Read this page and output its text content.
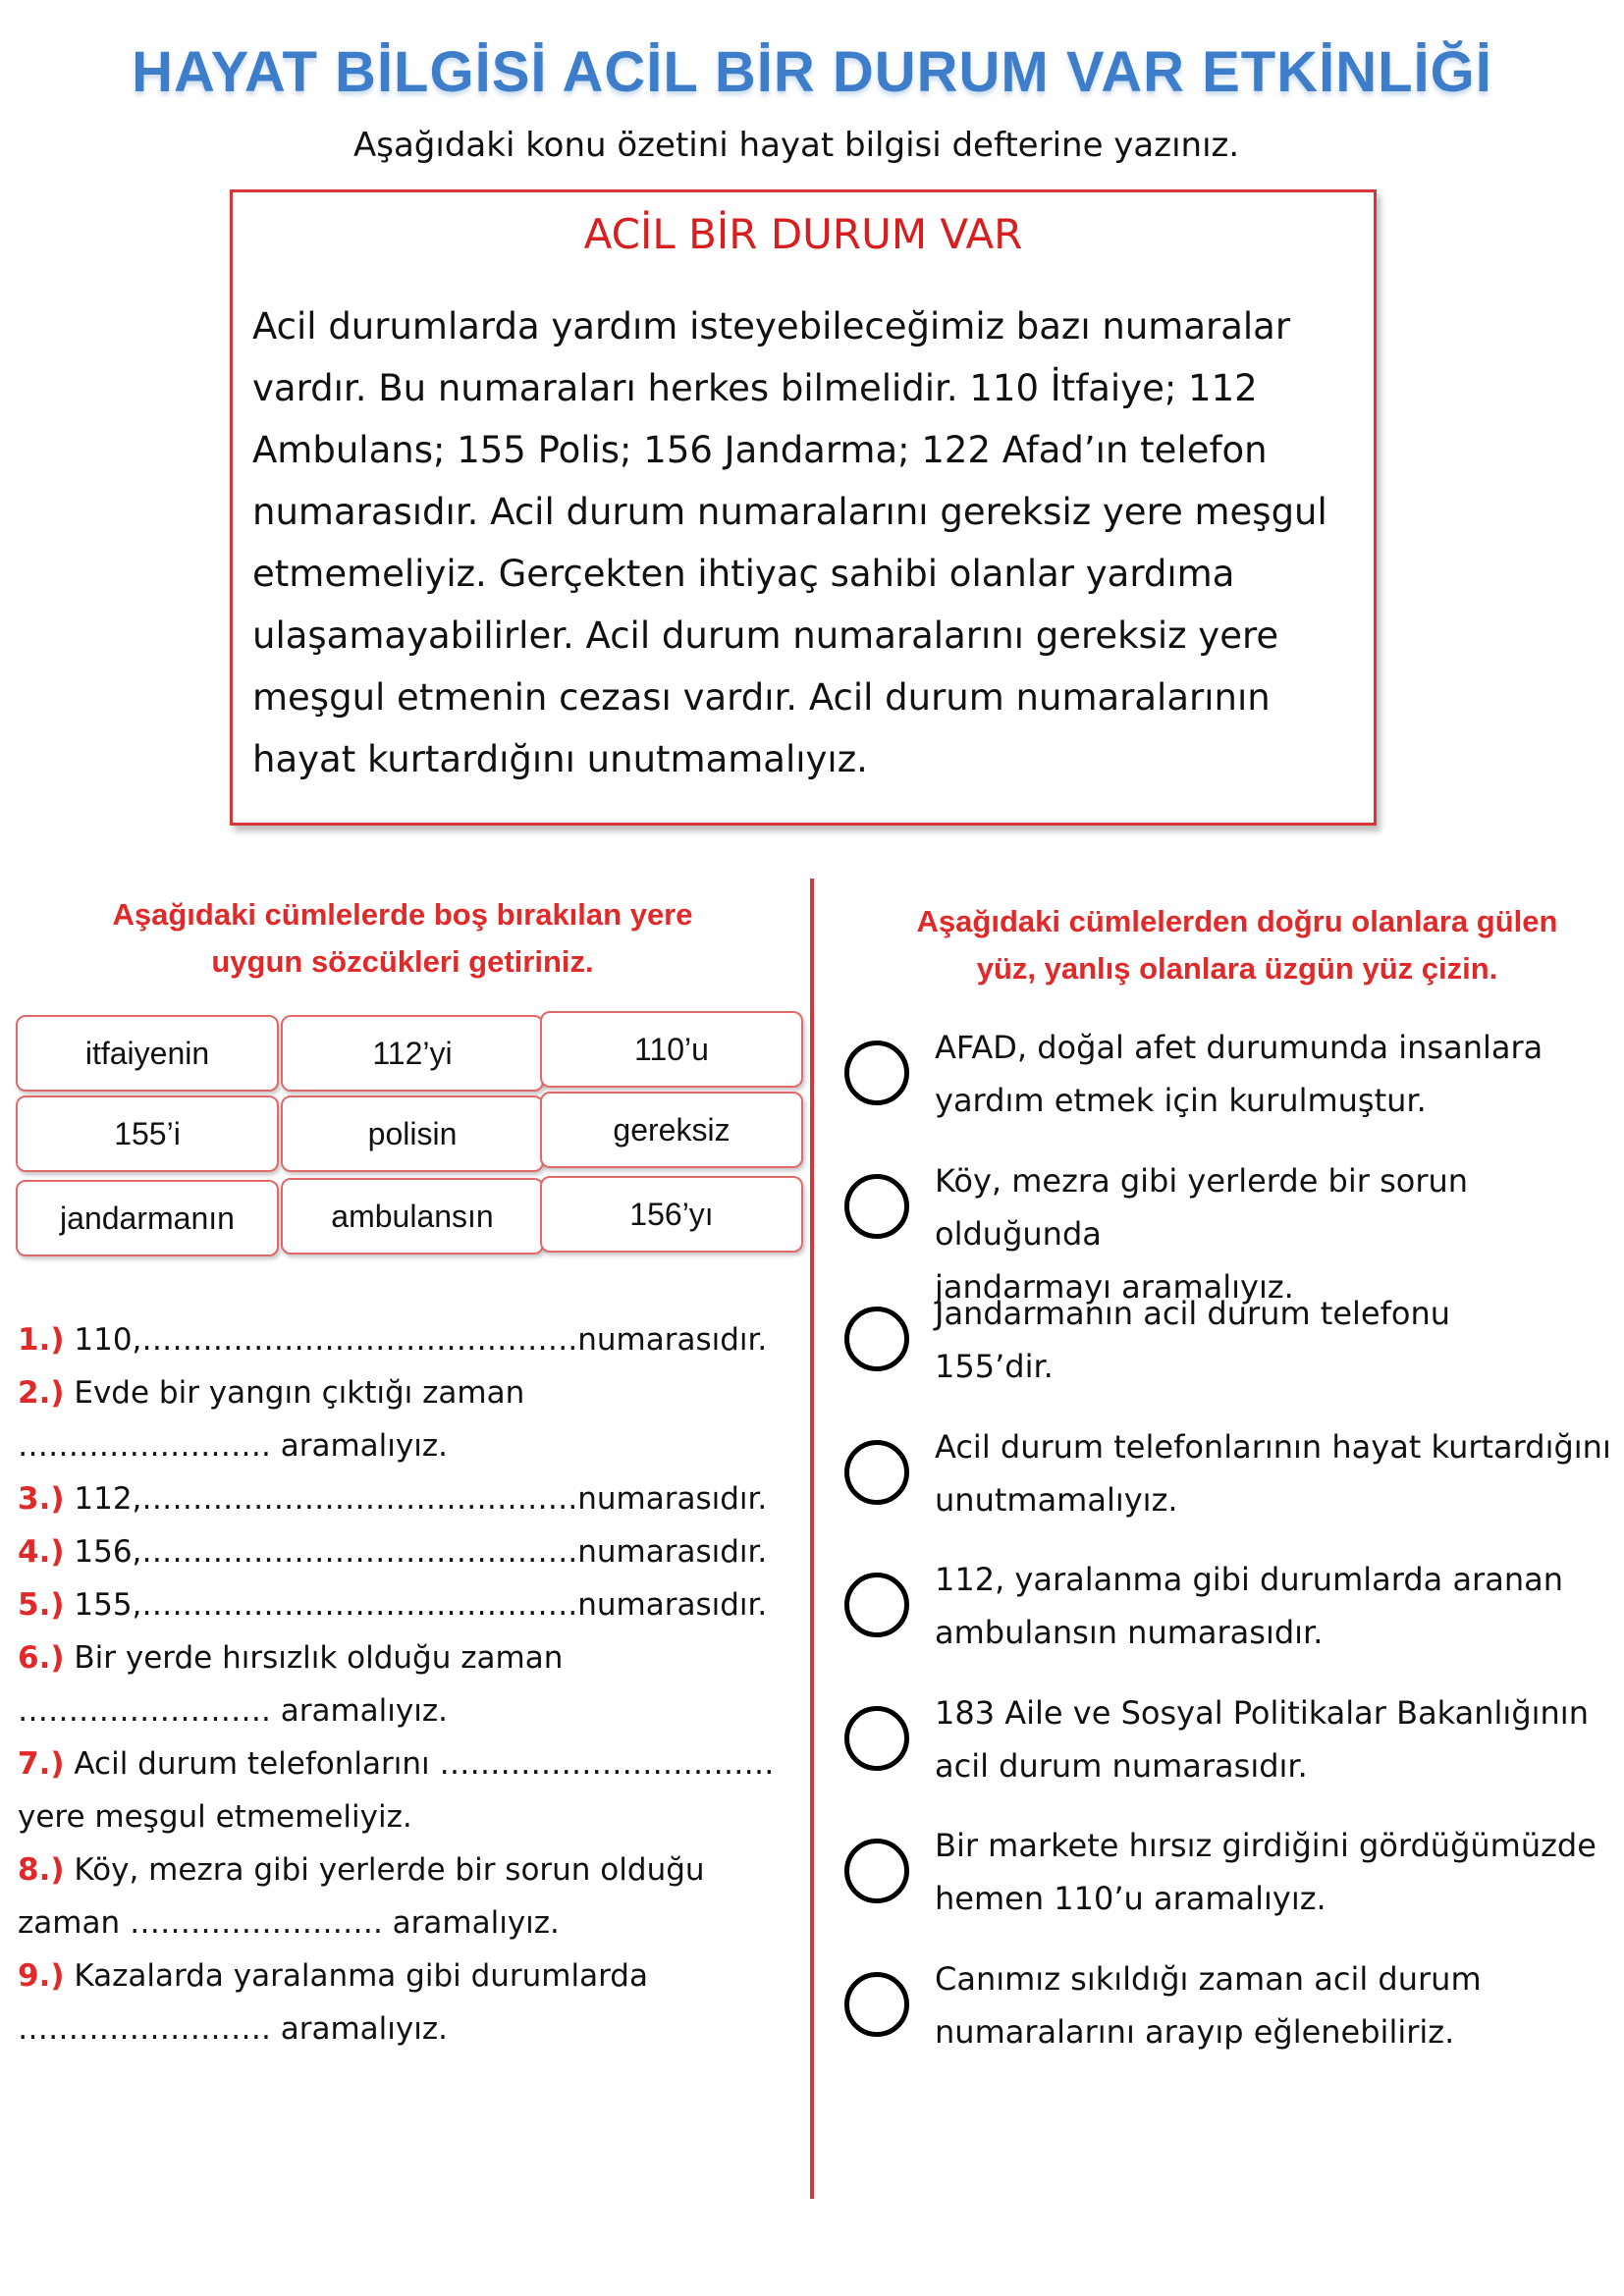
HAYAT BİLGİSİ ACİL BİR DURUM VAR ETKİNLİĞİ
Aşağıdaki konu özetini hayat bilgisi defterine yazınız.
ACİL BİR DURUM VAR
Acil durumlarda yardım isteyebileceğimiz bazı numaralar vardır. Bu numaraları herkes bilmelidir. 110 İtfaiye; 112 Ambulans; 155 Polis; 156 Jandarma; 122 Afad’ın telefon numarasıdır. Acil durum numaralarını gereksiz yere meşgul etmemeliyiz. Gerçekten ihtiyaç sahibi olanlar yardıma ulaşamayabilirler. Acil durum numaralarını gereksiz yere meşgul etmenin cezası vardır. Acil durum numaralarının hayat kurtardığını unutmamalıyız.
Aşağıdaki cümlelerde boş bırakılan yere
uygun sözcükleri getiriniz.
itfaiyenin	112’yi	110’u
155’i	polisin	gereksiz
jandarmanın	ambulansın	156’yı
1.) 110,…………………………………….numarasıdır.
2.) Evde bir yangın çıktığı zaman ……………………. aramalıyız.
3.) 112,…………………………………….numarasıdır.
4.) 156,…………………………………….numarasıdır.
5.) 155,…………………………………….numarasıdır.
6.) Bir yerde hırsızlık olduğu zaman ……………………. aramalıyız.
7.) Acil durum telefonlarını …………………………… yere meşgul etmemeliyiz.
8.) Köy, mezra gibi yerlerde bir sorun olduğu zaman ……………………. aramalıyız.
9.) Kazalarda yaralanma gibi durumlarda ……………………. aramalıyız.
Aşağıdaki cümlelerden doğru olanlara gülen
yüz, yanlış olanlara üzgün yüz çizin.
AFAD, doğal afet durumunda insanlara
yardım etmek için kurulmuştur.
Köy, mezra gibi yerlerde bir sorun olduğunda
jandarmayı aramalıyız.
Jandarmanın acil durum telefonu
155’dir.
Acil durum telefonlarının hayat kurtardığını
unutmamalıyız.
112, yaralanma gibi durumlarda aranan
ambulansın numarasıdır.
183 Aile ve Sosyal Politikalar Bakanlığının
acil durum numarasıdır.
Bir markete hırsız girdiğini gördüğümüzde
hemen 110’u aramalıyız.
Canımız sıkıldığı zaman acil durum
numaralarını arayıp eğlenebiliriz.
